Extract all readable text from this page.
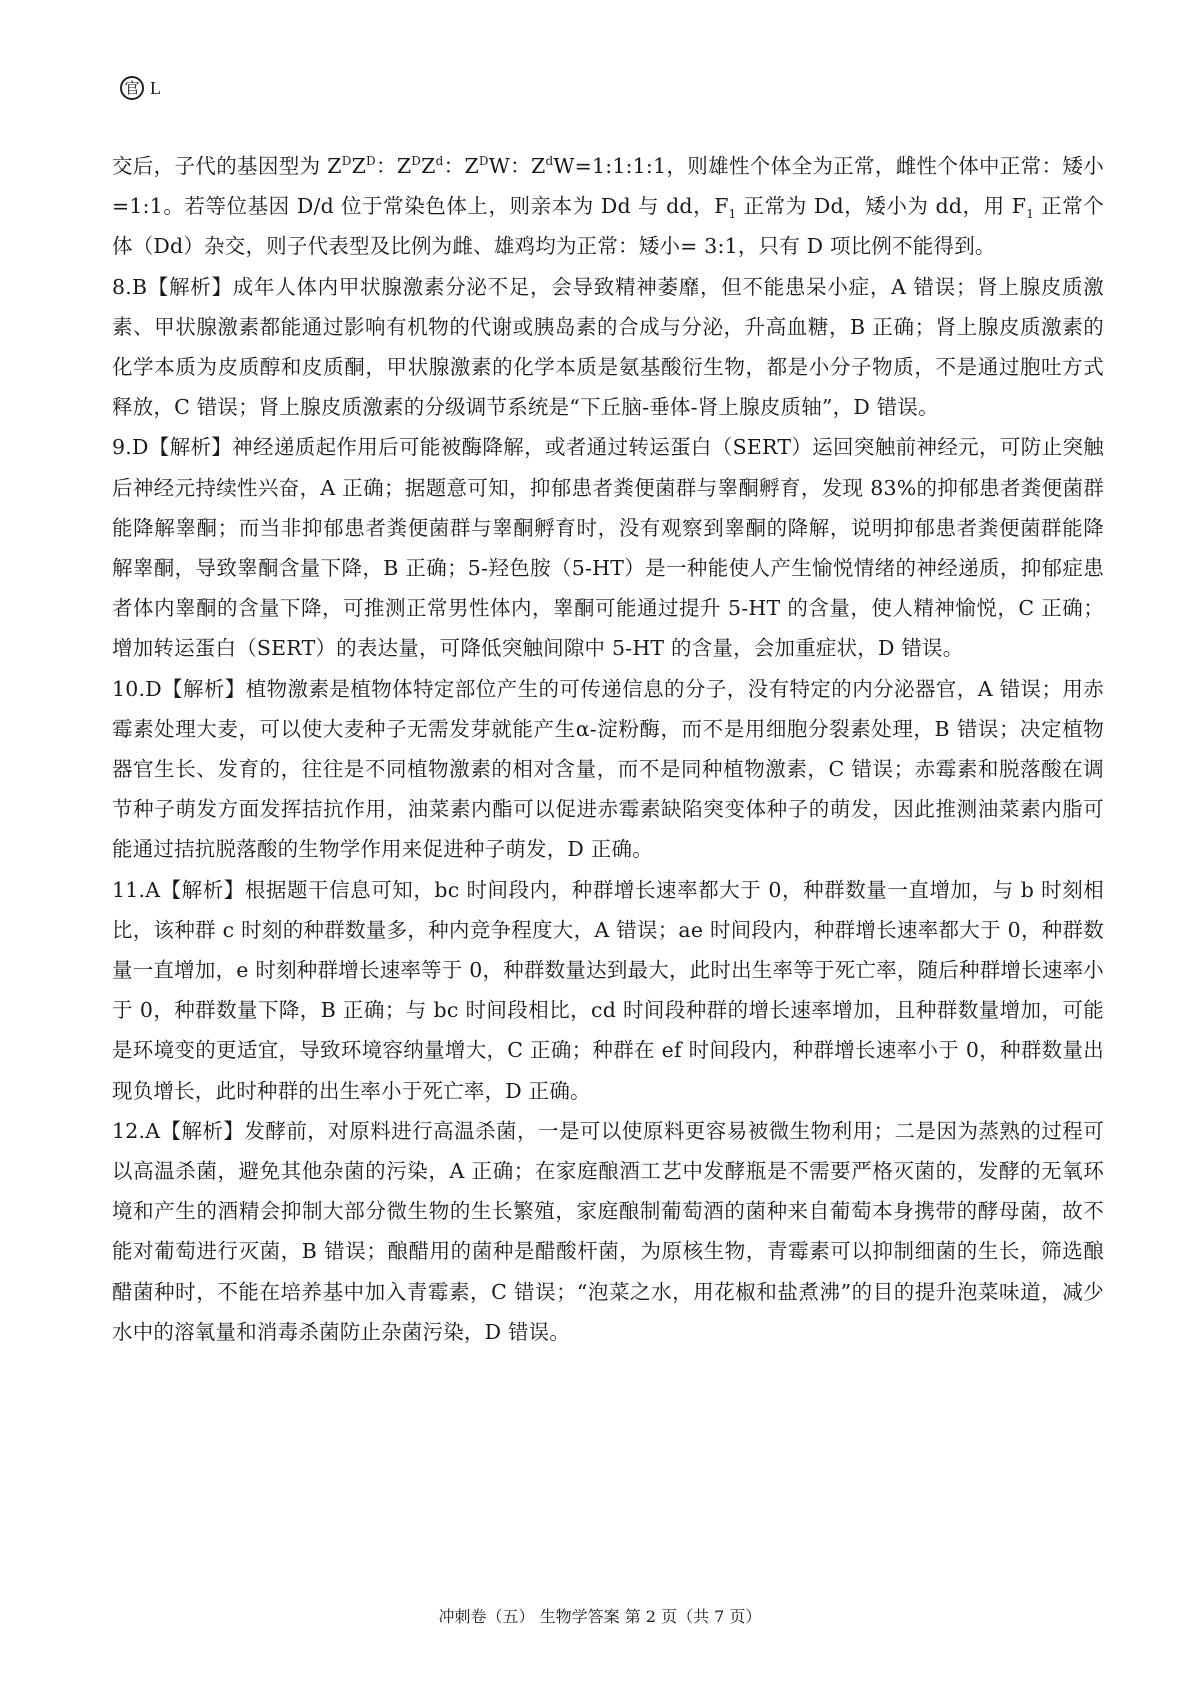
官 L

交后，子代的基因型为 $Z^DZ^D$：$Z^DZ^d$：$Z^DW$：$Z^dW=1:1:1:1$，则雄性个体全为正常，雌性个体中正常：矮小=1:1。若等位基因 D/d 位于常染色体上，则亲本为 Dd 与 dd，$F_1$ 正常为 Dd，矮小为 dd，用 $F_1$ 正常个体（Dd）杂交，则子代表型及比例为雌、雄鸡均为正常：矮小= 3:1，只有 D 项比例不能得到。

8.B【解析】成年人体内甲状腺激素分泌不足，会导致精神萎靡，但不能患呆小症，A 错误；肾上腺皮质激素、甲状腺激素都能通过影响有机物的代谢或胰岛素的合成与分泌，升高血糖，B 正确；肾上腺皮质激素的化学本质为皮质醇和皮质酮，甲状腺激素的化学本质是氨基酸衍生物，都是小分子物质，不是通过胞吐方式释放，C 错误；肾上腺皮质激素的分级调节系统是“下丘脑-垂体-肾上腺皮质轴”，D 错误。

9.D【解析】神经递质起作用后可能被酶降解，或者通过转运蛋白（SERT）运回突触前神经元，可防止突触后神经元持续性兴奋，A 正确；据题意可知，抑郁患者粪便菌群与睾酮孵育，发现 83%的抑郁患者粪便菌群能降解睾酮；而当非抑郁患者粪便菌群与睾酮孵育时，没有观察到睾酮的降解，说明抑郁患者粪便菌群能降解睾酮，导致睾酮含量下降，B 正确；5-羟色胺（5-HT）是一种能使人产生愉悦情绪的神经递质，抑郁症患者体内睾酮的含量下降，可推测正常男性体内，睾酮可能通过提升 5-HT 的含量，使人精神愉悦，C 正确；增加转运蛋白（SERT）的表达量，可降低突触间隙中 5-HT 的含量，会加重症状，D 错误。

10.D【解析】植物激素是植物体特定部位产生的可传递信息的分子，没有特定的内分泌器官，A 错误；用赤霉素处理大麦，可以使大麦种子无需发芽就能产生α-淀粉酶，而不是用细胞分裂素处理，B 错误；决定植物器官生长、发育的，往往是不同植物激素的相对含量，而不是同种植物激素，C 错误；赤霉素和脱落酸在调节种子萌发方面发挥拮抗作用，油菜素内酯可以促进赤霉素缺陷突变体种子的萌发，因此推测油菜素内脂可能通过拮抗脱落酸的生物学作用来促进种子萌发，D 正确。

11.A【解析】根据题干信息可知，bc 时间段内，种群增长速率都大于 0，种群数量一直增加，与 b 时刻相比，该种群 c 时刻的种群数量多，种内竞争程度大，A 错误；ae 时间段内，种群增长速率都大于 0，种群数量一直增加，e 时刻种群增长速率等于 0，种群数量达到最大，此时出生率等于死亡率，随后种群增长速率小于 0，种群数量下降，B 正确；与 bc 时间段相比，cd 时间段种群的增长速率增加，且种群数量增加，可能是环境变的更适宜，导致环境容纳量增大，C 正确；种群在 ef 时间段内，种群增长速率小于 0，种群数量出现负增长，此时种群的出生率小于死亡率，D 正确。

12.A【解析】发酵前，对原料进行高温杀菌，一是可以使原料更容易被微生物利用；二是因为蒸熟的过程可以高温杀菌，避免其他杂菌的污染，A 正确；在家庭酿酒工艺中发酵瓶是不需要严格灭菌的，发酵的无氧环境和产生的酒精会抑制大部分微生物的生长繁殖，家庭酿制葡萄酒的菌种来自葡萄本身携带的酵母菌，故不能对葡萄进行灭菌，B 错误；酿醋用的菌种是醋酸杆菌，为原核生物，青霉素可以抑制细菌的生长，筛选酿醋菌种时，不能在培养基中加入青霉素，C 错误；“泡菜之水，用花椒和盐煮沸”的目的提升泡菜味道，减少水中的溶氧量和消毒杀菌防止杂菌污染，D 错误。

冲刺卷（五） 生物学答案 第 2 页（共 7 页）
